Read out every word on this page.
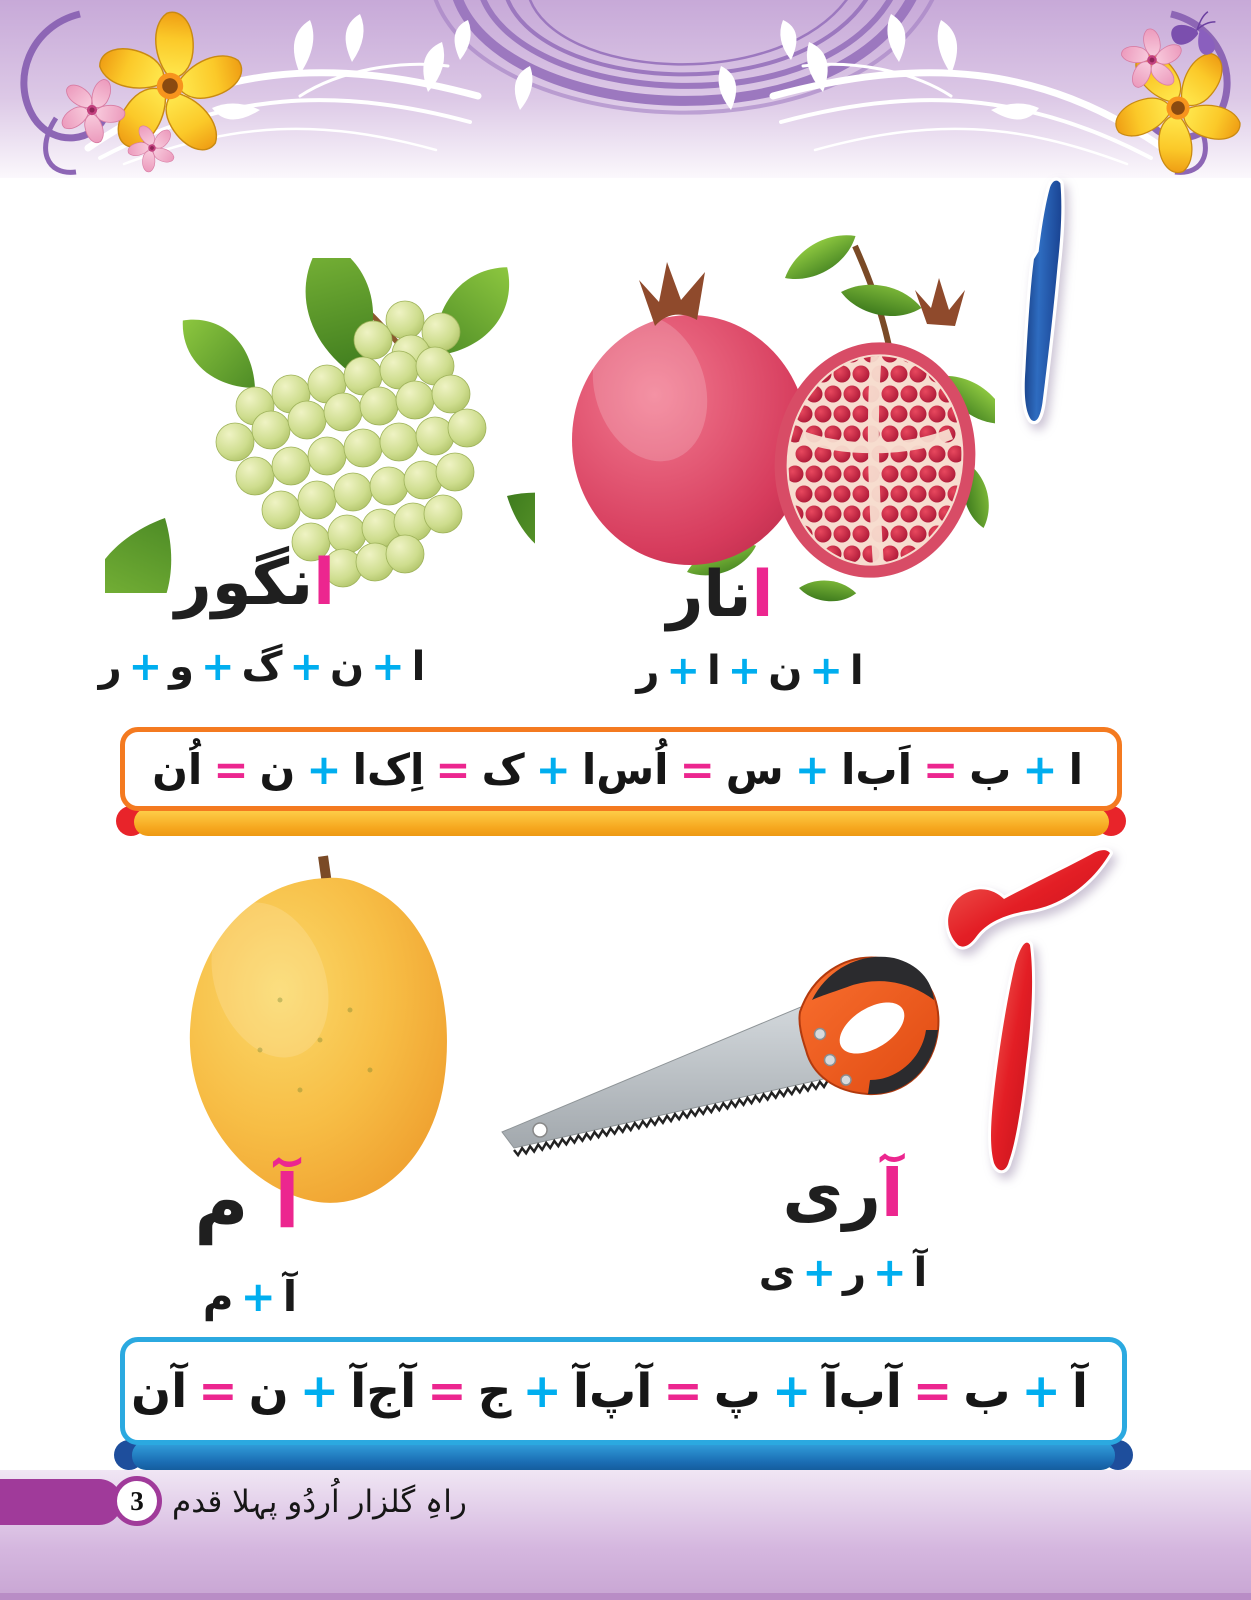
انگور
ا
+
ن
+
گ
+
و
+
ر
انار
ا
+
ن
+
ا
+
ر
ا
+
ب
=
اَب
ا
+
س
=
اُس
ا
+
ک
=
اِک
ا
+
ن
=
اُن
آ م
آ
+
م
آری
آ
+
ر
+
ی
آ
+
ب
=
آب
آ
+
پ
=
آپ
آ
+
ج
=
آج
آ
+
ن
=
آن
3 راہِ گلزار اُردُو پہلا قدم
